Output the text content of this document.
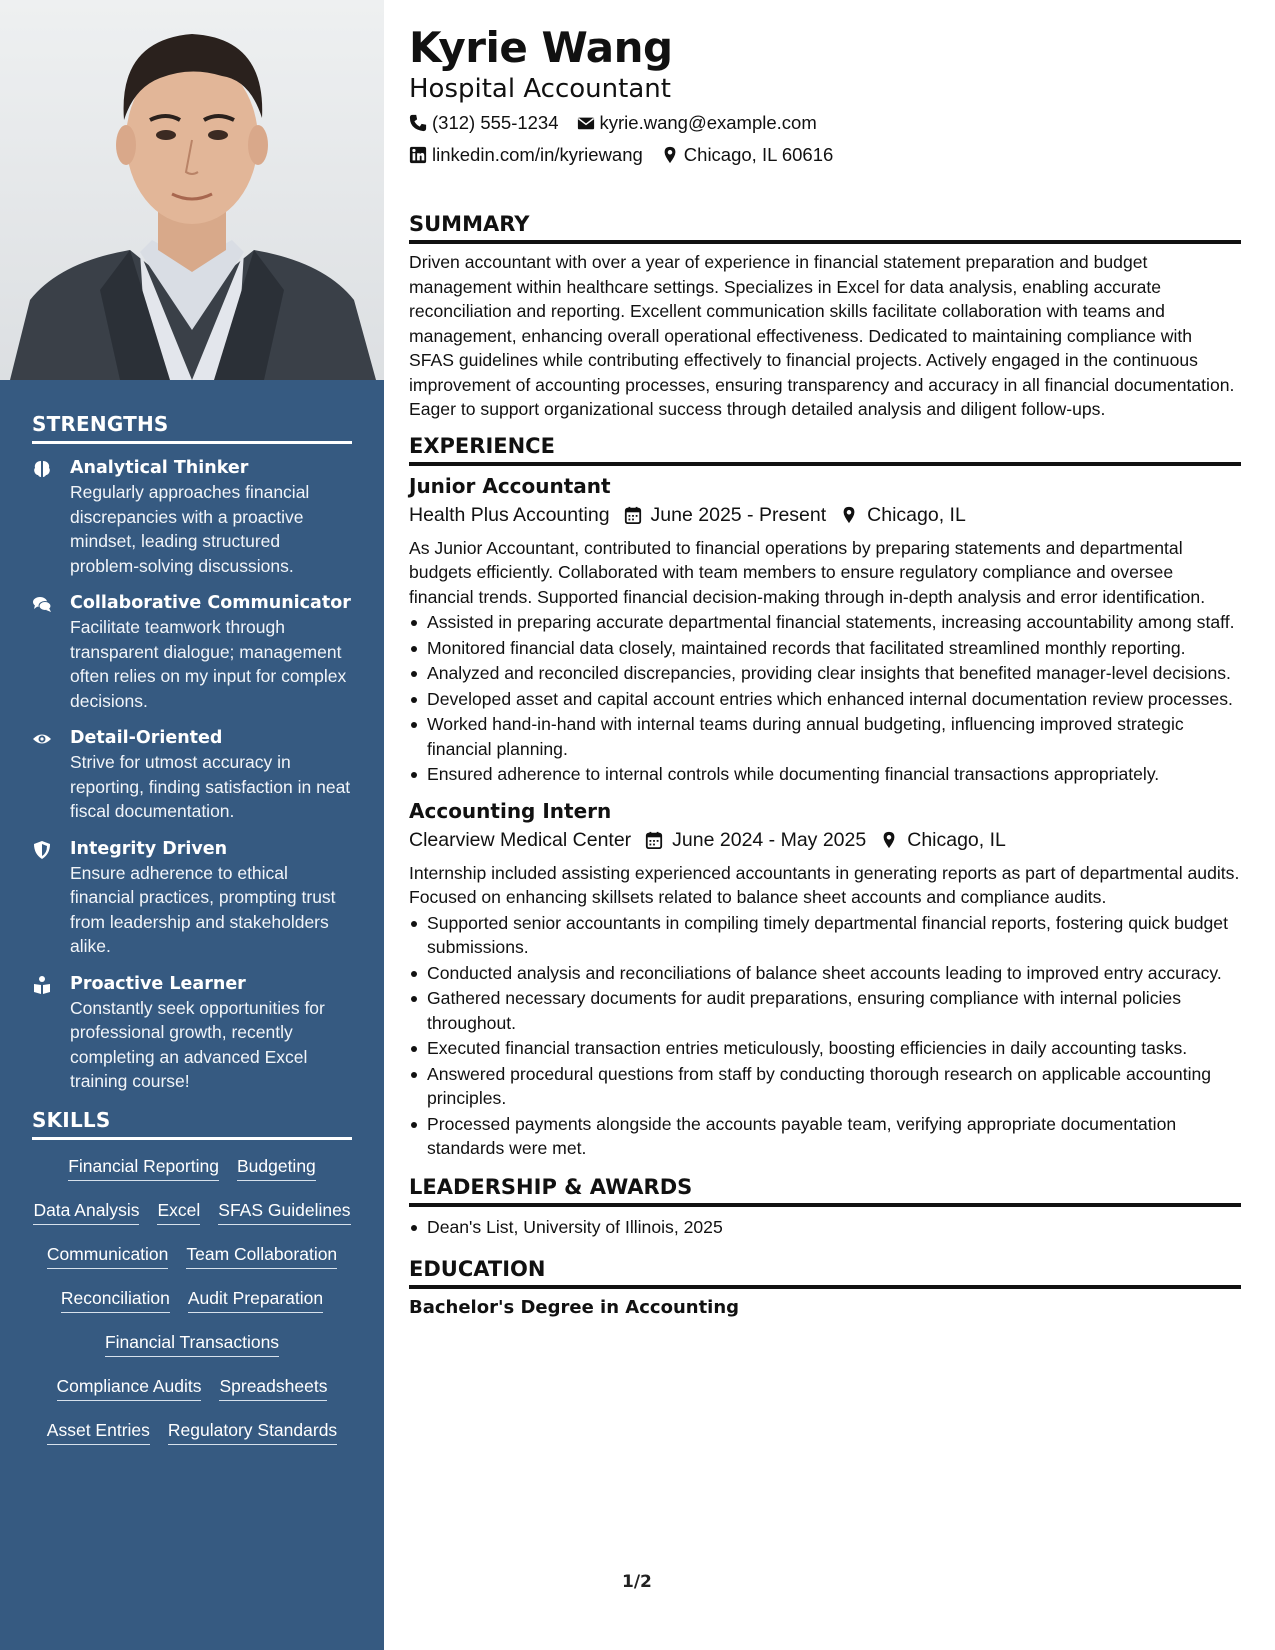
STRENGTHS
Analytical Thinker
Regularly approaches financial discrepancies with a proactive mindset, leading structured problem-solving discussions.
Collaborative Communicator
Facilitate teamwork through transparent dialogue; management often relies on my input for complex decisions.
Detail-Oriented
Strive for utmost accuracy in reporting, finding satisfaction in neat fiscal documentation.
Integrity Driven
Ensure adherence to ethical financial practices, prompting trust from leadership and stakeholders alike.
Proactive Learner
Constantly seek opportunities for professional growth, recently completing an advanced Excel training course!
SKILLS
Financial Reporting Budgeting
Data Analysis Excel SFAS Guidelines
Communication Team Collaboration
Reconciliation Audit Preparation
Financial Transactions
Compliance Audits Spreadsheets
Asset Entries Regulatory Standards
Kyrie Wang
Hospital Accountant
(312) 555-1234 kyrie.wang@example.com
linkedin.com/in/kyriewang Chicago, IL 60616
SUMMARY
Driven accountant with over a year of experience in financial statement preparation and budget management within healthcare settings. Specializes in Excel for data analysis, enabling accurate reconciliation and reporting. Excellent communication skills facilitate collaboration with teams and management, enhancing overall operational effectiveness. Dedicated to maintaining compliance with SFAS guidelines while contributing effectively to financial projects. Actively engaged in the continuous improvement of accounting processes, ensuring transparency and accuracy in all financial documentation. Eager to support organizational success through detailed analysis and diligent follow-ups.
EXPERIENCE
Junior Accountant
Health Plus Accounting June 2025 - Present Chicago, IL
As Junior Accountant, contributed to financial operations by preparing statements and departmental budgets efficiently. Collaborated with team members to ensure regulatory compliance and oversee financial trends. Supported financial decision-making through in-depth analysis and error identification.
Assisted in preparing accurate departmental financial statements, increasing accountability among staff.
Monitored financial data closely, maintained records that facilitated streamlined monthly reporting.
Analyzed and reconciled discrepancies, providing clear insights that benefited manager-level decisions.
Developed asset and capital account entries which enhanced internal documentation review processes.
Worked hand-in-hand with internal teams during annual budgeting, influencing improved strategic financial planning.
Ensured adherence to internal controls while documenting financial transactions appropriately.
Accounting Intern
Clearview Medical Center June 2024 - May 2025 Chicago, IL
Internship included assisting experienced accountants in generating reports as part of departmental audits. Focused on enhancing skillsets related to balance sheet accounts and compliance audits.
Supported senior accountants in compiling timely departmental financial reports, fostering quick budget submissions.
Conducted analysis and reconciliations of balance sheet accounts leading to improved entry accuracy.
Gathered necessary documents for audit preparations, ensuring compliance with internal policies throughout.
Executed financial transaction entries meticulously, boosting efficiencies in daily accounting tasks.
Answered procedural questions from staff by conducting thorough research on applicable accounting principles.
Processed payments alongside the accounts payable team, verifying appropriate documentation standards were met.
LEADERSHIP & AWARDS
Dean's List, University of Illinois, 2025
EDUCATION
Bachelor's Degree in Accounting
1/2
